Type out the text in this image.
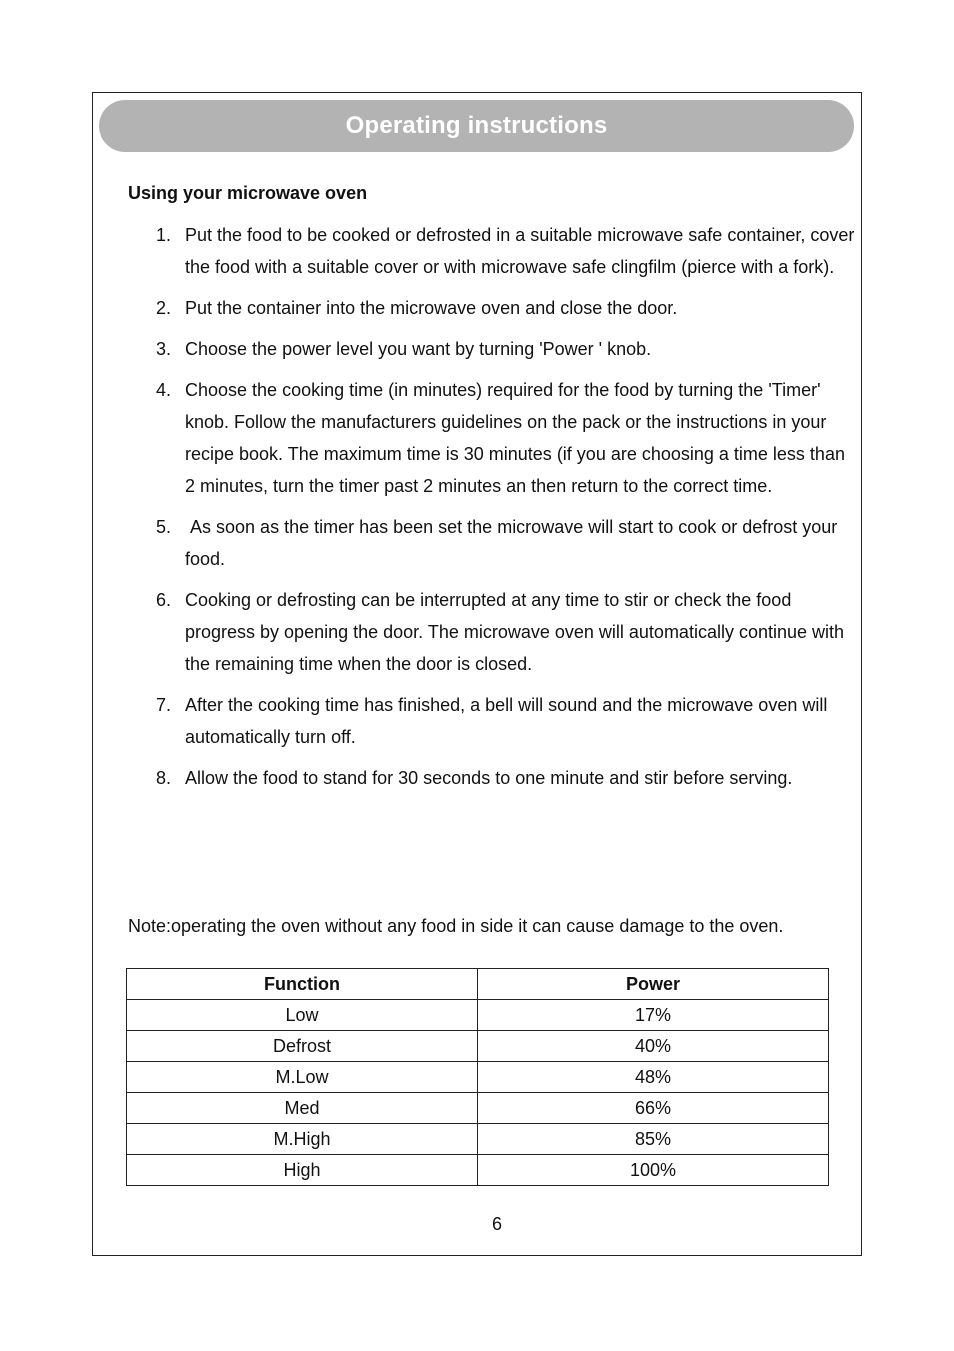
Operating instructions
Using your microwave oven
1. Put the food to be cooked or defrosted in a suitable microwave safe container, cover the food with a suitable cover or with microwave safe clingfilm (pierce with a fork).
2. Put the container into the microwave oven and close the door.
3. Choose the power level you want by turning 'Power ' knob.
4. Choose the cooking time (in minutes) required for the food by turning the 'Timer' knob. Follow the manufacturers guidelines on the pack or the instructions in your recipe book. The maximum time is 30 minutes (if you are choosing a time less than 2 minutes, turn the timer past 2 minutes an then return to the correct time.
5. As soon as the timer has been set the microwave will start to cook or defrost your food.
6. Cooking or defrosting can be interrupted at any time to stir or check the food progress by opening the door. The microwave oven will automatically continue with the remaining time when the door is closed.
7. After the cooking time has finished, a bell will sound and the microwave oven will automatically turn off.
8. Allow the food to stand for 30 seconds to one minute and stir before serving.
Note:operating the oven without any food in side it can cause damage to the oven.
Function	Power
Low	17%
Defrost	40%
M.Low	48%
Med	66%
M.High	85%
High	100%
6
